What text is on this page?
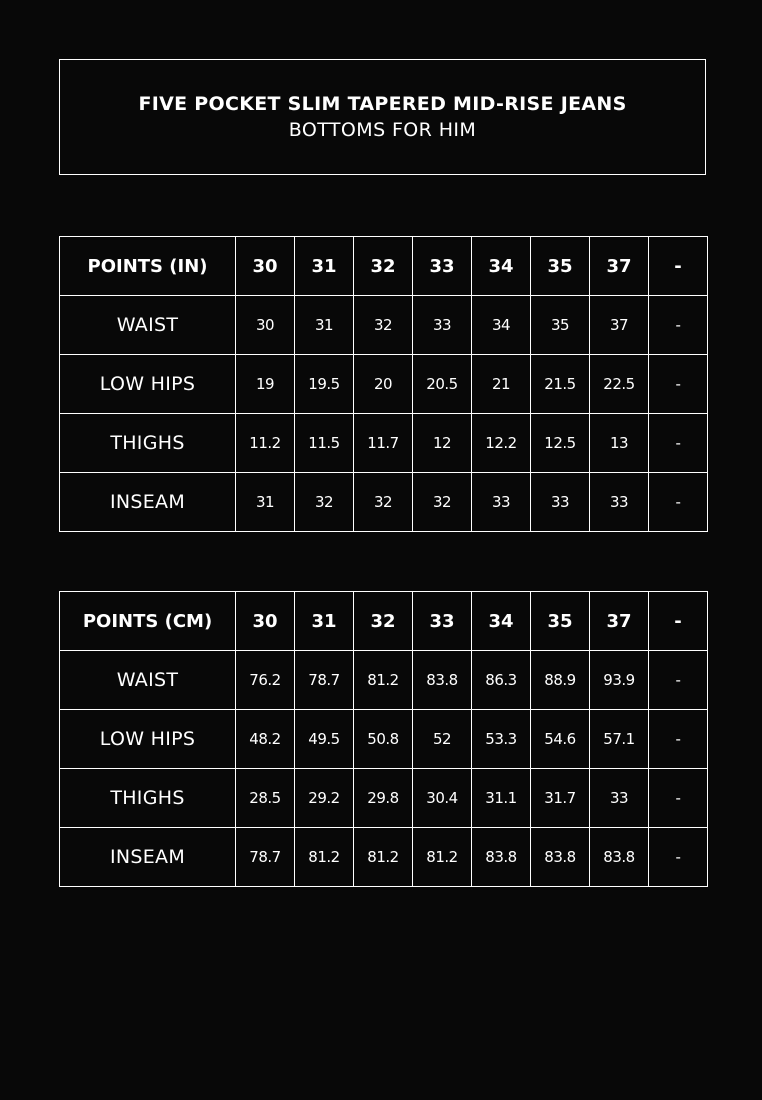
FIVE POCKET SLIM TAPERED MID-RISE JEANS
BOTTOMS FOR HIM
POINTS (IN)	30	31	32	33	34	35	37	-
WAIST	30	31	32	33	34	35	37	-
LOW HIPS	19	19.5	20	20.5	21	21.5	22.5	-
THIGHS	11.2	11.5	11.7	12	12.2	12.5	13	-
INSEAM	31	32	32	32	33	33	33	-
POINTS (CM)	30	31	32	33	34	35	37	-
WAIST	76.2	78.7	81.2	83.8	86.3	88.9	93.9	-
LOW HIPS	48.2	49.5	50.8	52	53.3	54.6	57.1	-
THIGHS	28.5	29.2	29.8	30.4	31.1	31.7	33	-
INSEAM	78.7	81.2	81.2	81.2	83.8	83.8	83.8	-
